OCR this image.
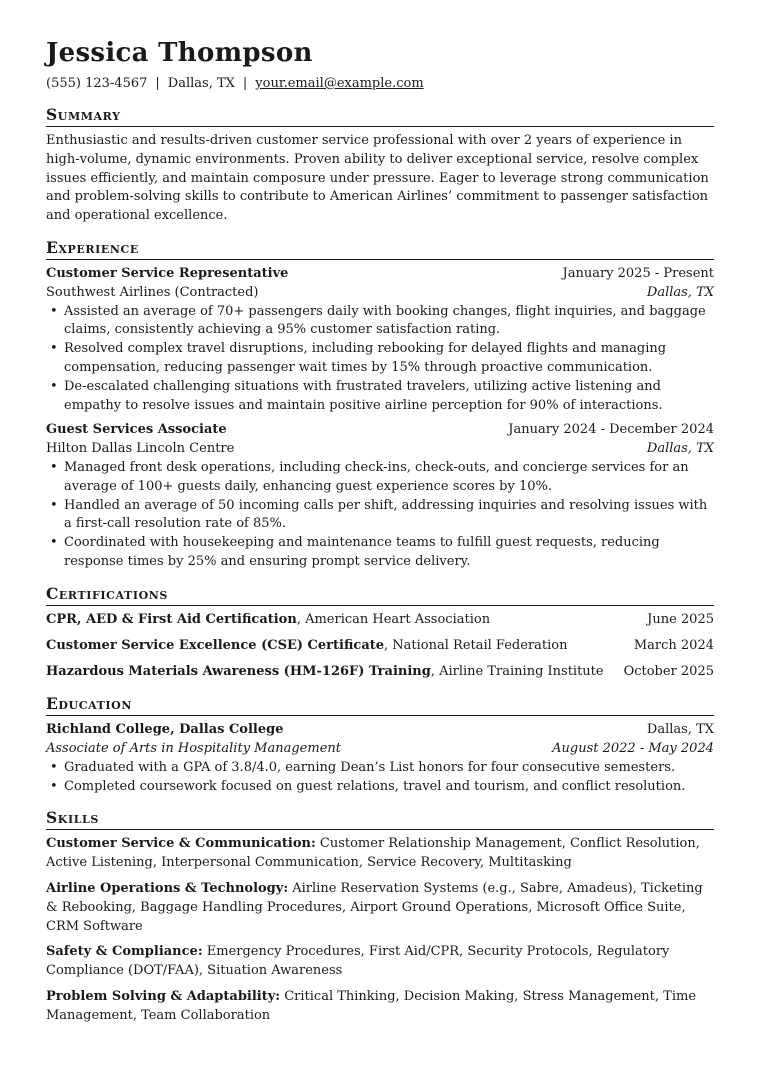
Jessica Thompson
(555) 123-4567 | Dallas, TX | your.email@example.com
Summary

Enthusiastic and results-driven customer service professional with over 2 years of experience in high-volume, dynamic environments. Proven ability to deliver exceptional service, resolve complex issues efficiently, and maintain composure under pressure. Eager to leverage strong communication and problem-solving skills to contribute to American Airlines’ commitment to passenger satisfaction and operational excellence.

Experience
Customer Service Representative	January 2025 - Present
Southwest Airlines (Contracted)	Dallas, TX
• Assisted an average of 70+ passengers daily with booking changes, flight inquiries, and baggage claims, consistently achieving a 95% customer satisfaction rating.
• Resolved complex travel disruptions, including rebooking for delayed flights and managing compensation, reducing passenger wait times by 15% through proactive communication.
• De-escalated challenging situations with frustrated travelers, utilizing active listening and empathy to resolve issues and maintain positive airline perception for 90% of interactions.
Guest Services Associate	January 2024 - December 2024
Hilton Dallas Lincoln Centre	Dallas, TX
• Managed front desk operations, including check-ins, check-outs, and concierge services for an average of 100+ guests daily, enhancing guest experience scores by 10%.
• Handled an average of 50 incoming calls per shift, addressing inquiries and resolving issues with a first-call resolution rate of 85%.
• Coordinated with housekeeping and maintenance teams to fulfill guest requests, reducing response times by 25% and ensuring prompt service delivery.
Certifications
CPR, AED & First Aid Certification, American Heart Association	June 2025
Customer Service Excellence (CSE) Certificate, National Retail Federation	March 2024
Hazardous Materials Awareness (HM-126F) Training, Airline Training Institute October 2025
Education
Richland College, Dallas College	Dallas, TX
Associate of Arts in Hospitality Management	August 2022 - May 2024
• Graduated with a GPA of 3.8/4.0, earning Dean’s List honors for four consecutive semesters.
• Completed coursework focused on guest relations, travel and tourism, and conflict resolution.
Skills
Customer Service & Communication: Customer Relationship Management, Conflict Resolution, Active Listening, Interpersonal Communication, Service Recovery, Multitasking
Airline Operations & Technology: Airline Reservation Systems (e.g., Sabre, Amadeus), Ticketing & Rebooking, Baggage Handling Procedures, Airport Ground Operations, Microsoft Office Suite, CRM Software
Safety & Compliance: Emergency Procedures, First Aid/CPR, Security Protocols, Regulatory Compliance (DOT/FAA), Situation Awareness
Problem Solving & Adaptability: Critical Thinking, Decision Making, Stress Management, Time Management, Team Collaboration
